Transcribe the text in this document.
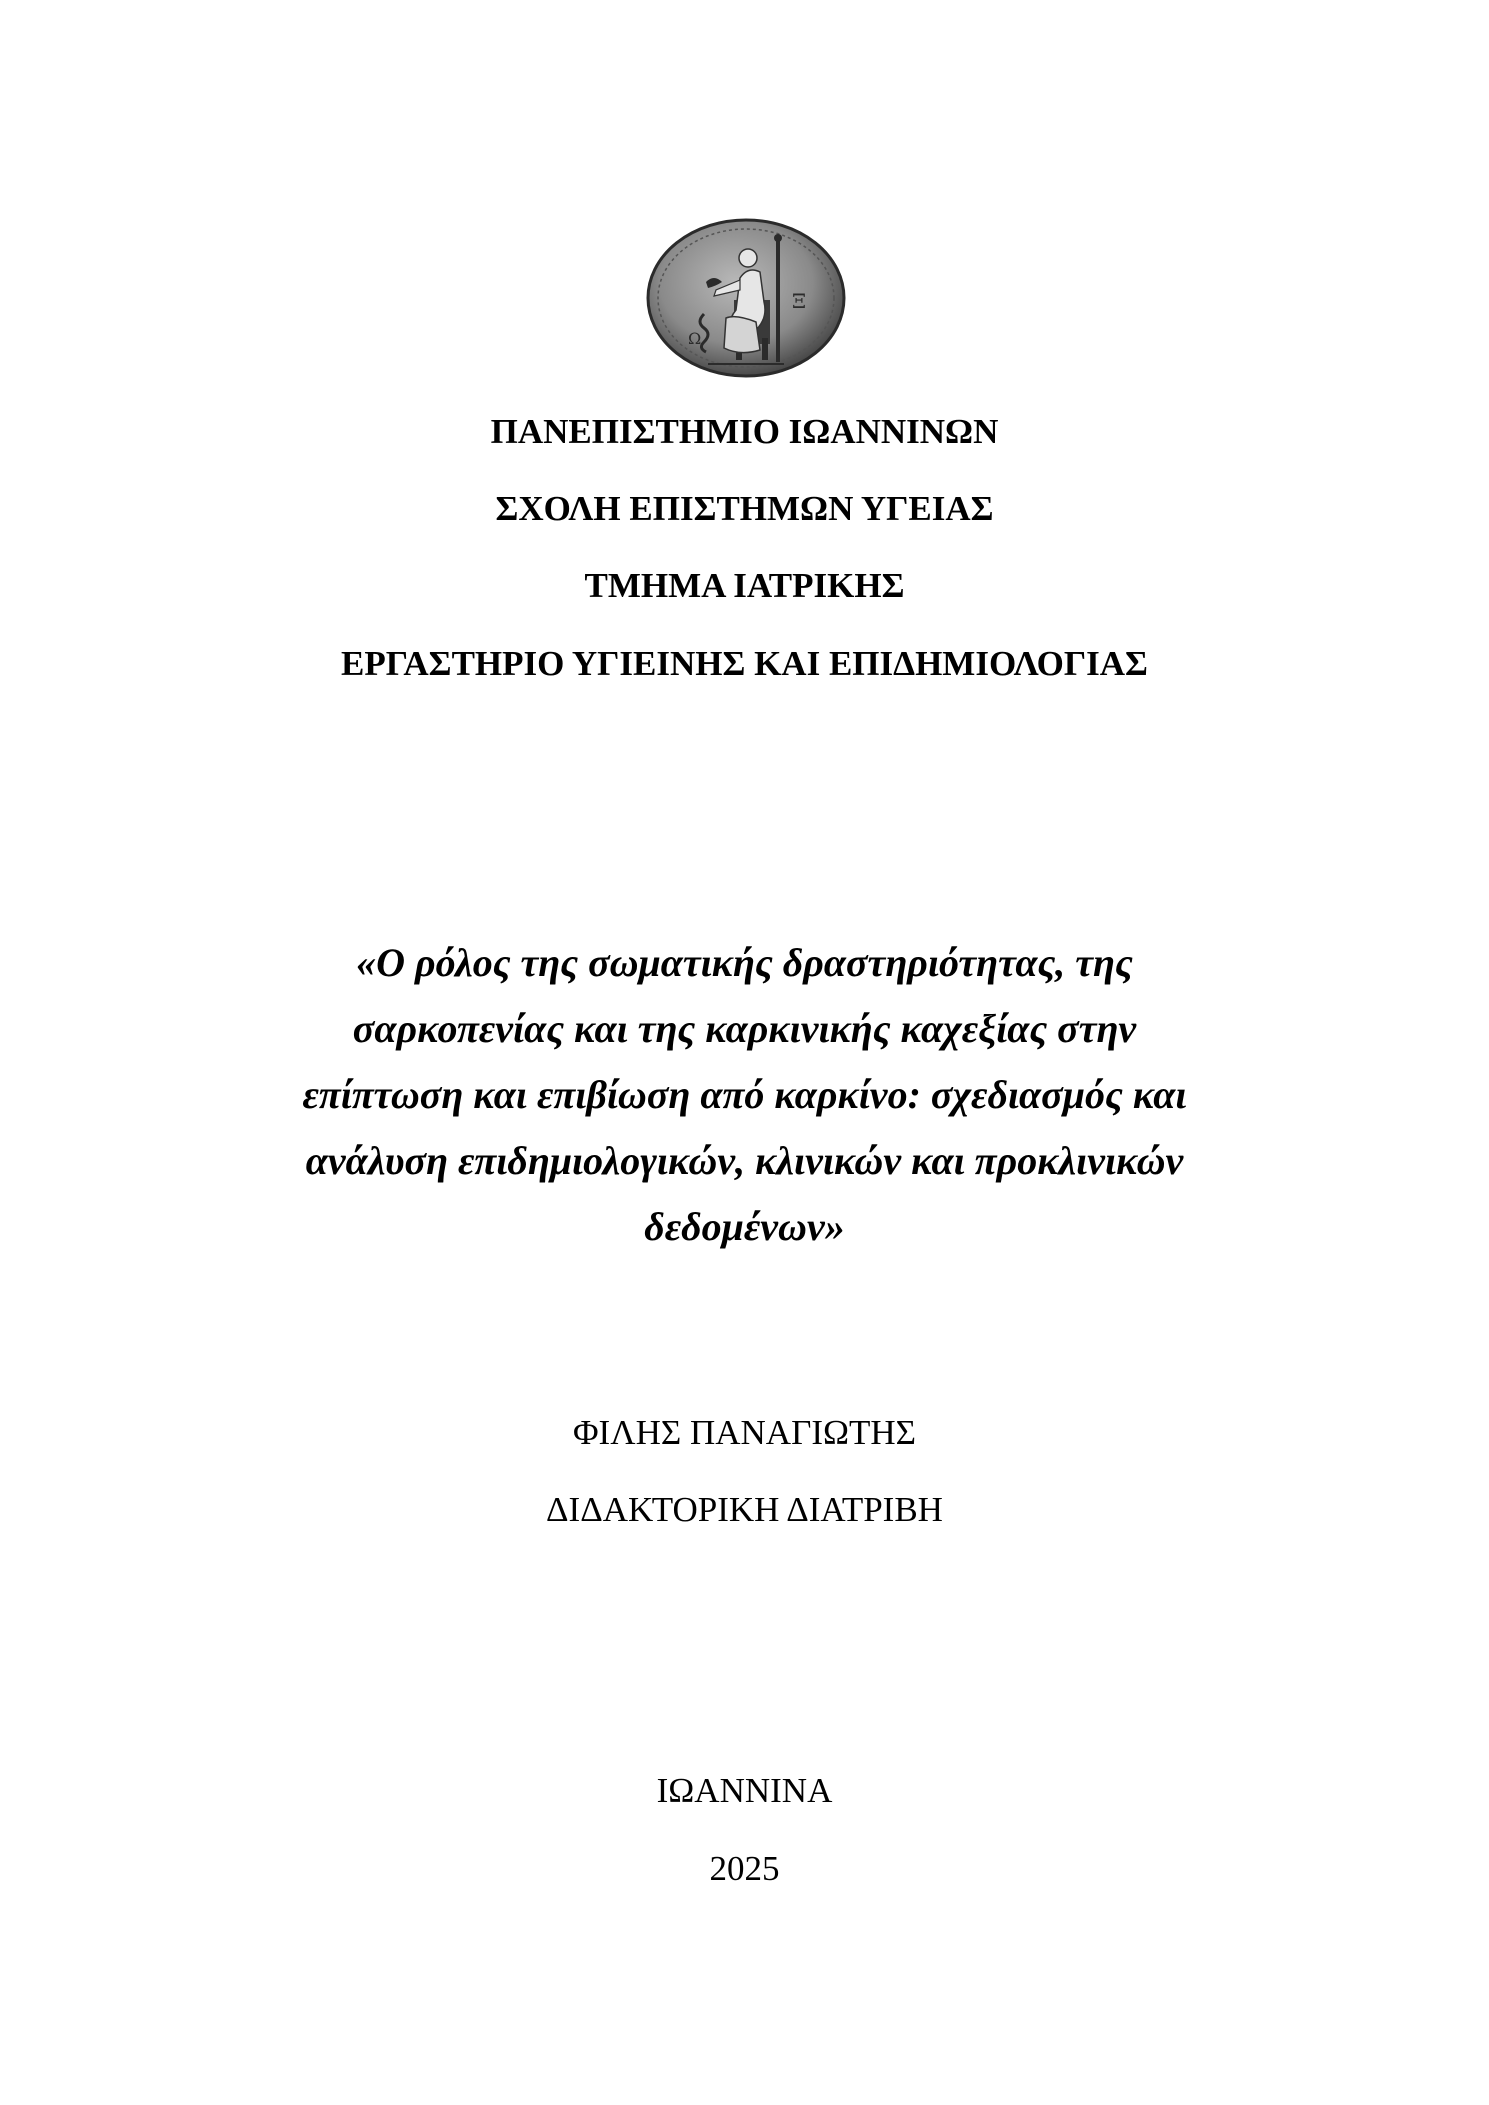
Ξ
Ω
ΠΑΝΕΠΙΣΤΗΜΙΟ ΙΩΑΝΝΙΝΩΝ
ΣΧΟΛΗ ΕΠΙΣΤΗΜΩΝ ΥΓΕΙΑΣ
ΤΜΗΜΑ ΙΑΤΡΙΚΗΣ
ΕΡΓΑΣΤΗΡΙΟ ΥΓΙΕΙΝΗΣ ΚΑΙ ΕΠΙΔΗΜΙΟΛΟΓΙΑΣ
«Ο ρόλος της σωματικής δραστηριότητας, της
σαρκοπενίας και της καρκινικής καχεξίας στην
επίπτωση και επιβίωση από καρκίνο: σχεδιασμός και
ανάλυση επιδημιολογικών, κλινικών και προκλινικών
δεδομένων»
ΦΙΛΗΣ ΠΑΝΑΓΙΩΤΗΣ
ΔΙΔΑΚΤΟΡΙΚΗ ΔΙΑΤΡΙΒΗ
ΙΩΑΝΝΙΝΑ
2025
